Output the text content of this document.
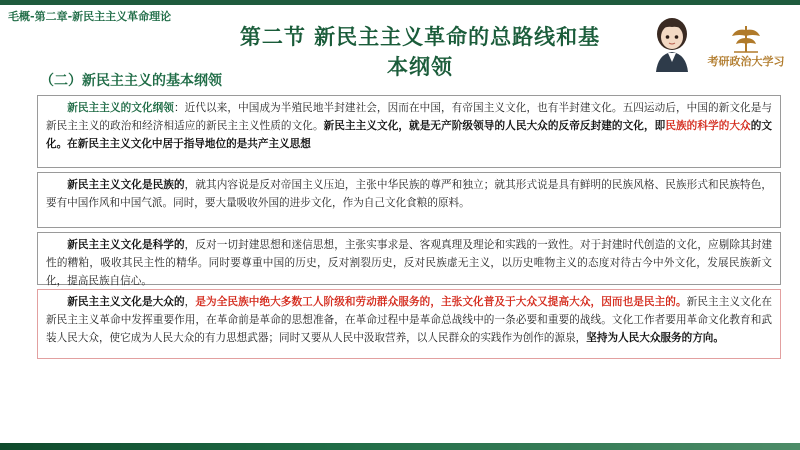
毛概-第二章-新民主主义革命理论
第二节 新民主主义革命的总路线和基
本纲领
（二）新民主主义的基本纲领
考研政治大学习

新民主主义的文化纲领：近代以来，中国成为半殖民地半封建社会，因而在中国，有帝国主义文化，也有半封建文化。五四运动后，中国的新文化是与新民主主义的政治和经济相适应的新民主主义性质的文化。新民主主义文化，就是无产阶级领导的人民大众的反帝反封建的文化，即民族的科学的大众的文化。在新民主主义文化中居于指导地位的是共产主义思想

新民主主义文化是民族的，就其内容说是反对帝国主义压迫，主张中华民族的尊严和独立；就其形式说是具有鲜明的民族风格、民族形式和民族特色，要有中国作风和中国气派。同时，要大量吸收外国的进步文化，作为自己文化食粮的原料。

新民主主义文化是科学的，反对一切封建思想和迷信思想，主张实事求是、客观真理及理论和实践的一致性。对于封建时代创造的文化，应剔除其封建性的糟粕，吸收其民主性的精华。同时要尊重中国的历史，反对割裂历史，反对民族虚无主义，以历史唯物主义的态度对待古今中外文化，发展民族新文化，提高民族自信心。

新民主主义文化是大众的，是为全民族中绝大多数工人阶级和劳动群众服务的，主张文化普及于大众又提高大众，因而也是民主的。新民主主义文化在新民主主义革命中发挥重要作用，在革命前是革命的思想准备，在革命过程中是革命总战线中的一条必要和重要的战线。文化工作者要用革命文化教育和武装人民大众，使它成为人民大众的有力思想武器；同时又要从人民中汲取营养，以人民群众的实践作为创作的源泉，坚持为人民大众服务的方向。
